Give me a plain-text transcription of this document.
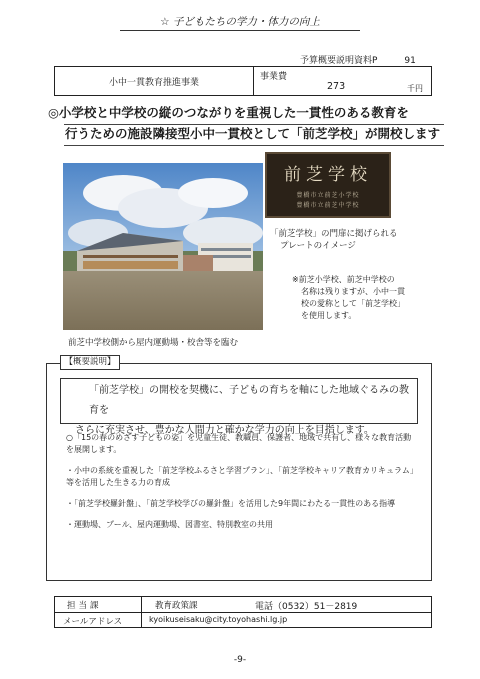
☆ 子どもたちの学力・体力の向上
予算概要説明資料P　　　91
小中一貫教育推進事業
事業費
273	千円
◎小学校と中学校の縦のつながりを重視した一貫性のある教育を
行うための施設隣接型小中一貫校として「前芝学校」が開校します
前芝中学校側から屋内運動場・校舎等を臨む
前芝学校
豊橋市立前芝小学校
豊橋市立前芝中学校
「前芝学校」の門扉に掲げられる
プレートのイメージ
※前芝小学校、前芝中学校の
名称は残りますが、小中一貫
校の愛称として「前芝学校」
を使用します。
【概要説明】
「前芝学校」の開校を契機に、子どもの育ちを軸にした地域ぐるみの教育を
さらに充実させ、豊かな人間力と確かな学力の向上を目指します。

○「15の春のめざす子どもの姿」を児童生徒、教職員、保護者、地域で共有し、様々な教育活動を展開します。

・小中の系統を重視した「前芝学校ふるさと学習プラン」、「前芝学校キャリア教育カリキュラム」等を活用した生きる力の育成

・「前芝学校羅針盤」、「前芝学校学びの羅針盤」を活用した9年間にわたる一貫性のある指導

・運動場、プール、屋内運動場、図書室、特別教室の共用

担当課	教育政策課	電話（0532）51－2819
メールアドレス	kyoikuseisaku@city.toyohashi.lg.jp
-9-
